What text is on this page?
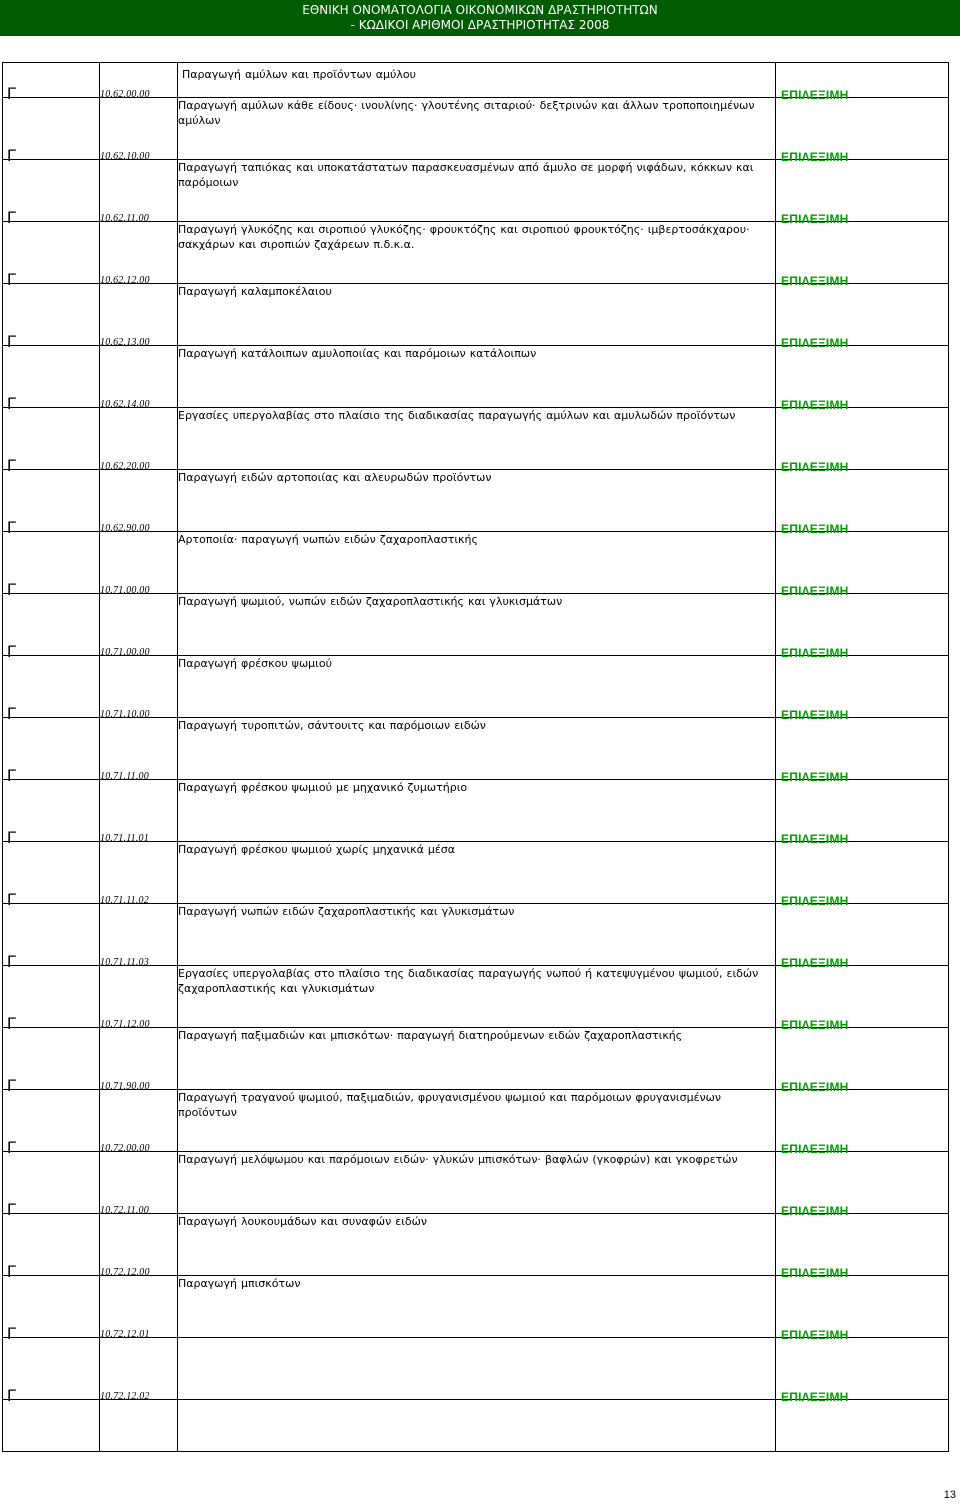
ΕΘΝΙΚΗ ΟΝΟΜΑΤΟΛΟΓΙΑ ΟΙΚΟΝΟΜΙΚΩΝ ΔΡΑΣΤΗΡΙΟΤΗΤΩΝ
- ΚΩΔΙΚΟΙ ΑΡΙΘΜΟΙ ΔΡΑΣΤΗΡΙΟΤΗΤΑΣ 2008
		Παραγωγή αμύλων και προϊόντων αμύλου	

Γ	10.62.00.00	Παραγωγή αμύλων κάθε είδους· ινουλίνης· γλουτένης σιταριού· δεξτρινών και άλλων τροποποιημένων αμύλων	ΕΠΙΛΕΞΙΜΗ

Γ	10.62.10.00	Παραγωγή ταπιόκας και υποκατάστατων παρασκευασμένων από άμυλο σε μορφή νιφάδων, κόκκων και παρόμοιων	ΕΠΙΛΕΞΙΜΗ

Γ	10.62.11.00	Παραγωγή γλυκόζης και σιροπιού γλυκόζης· φρουκτόζης και σιροπιού φρουκτόζης· ιμβερτοσάκχαρου· σακχάρων και σιροπιών ζαχάρεων π.δ.κ.α.	ΕΠΙΛΕΞΙΜΗ

Γ	10.62.12.00	Παραγωγή καλαμποκέλαιου	ΕΠΙΛΕΞΙΜΗ

Γ	10.62.13.00	Παραγωγή κατάλοιπων αμυλοποιίας και παρόμοιων κατάλοιπων	ΕΠΙΛΕΞΙΜΗ

Γ	10.62.14.00	Εργασίες υπεργολαβίας στο πλαίσιο της διαδικασίας παραγωγής αμύλων και αμυλωδών προϊόντων	ΕΠΙΛΕΞΙΜΗ

Γ	10.62.20.00	Παραγωγή ειδών αρτοποιίας και αλευρωδών προϊόντων	ΕΠΙΛΕΞΙΜΗ

Γ	10.62.90.00	Αρτοποιία· παραγωγή νωπών ειδών ζαχαροπλαστικής	ΕΠΙΛΕΞΙΜΗ

Γ	10.71.00.00	Παραγωγή ψωμιού, νωπών ειδών ζαχαροπλαστικής και γλυκισμάτων	ΕΠΙΛΕΞΙΜΗ

Γ	10.71.00.00	Παραγωγή φρέσκου ψωμιού	ΕΠΙΛΕΞΙΜΗ

Γ	10.71.10.00	Παραγωγή τυροπιτών, σάντουιτς και παρόμοιων ειδών	ΕΠΙΛΕΞΙΜΗ

Γ	10.71.11.00	Παραγωγή φρέσκου ψωμιού με μηχανικό ζυμωτήριο	ΕΠΙΛΕΞΙΜΗ

Γ	10.71.11.01	Παραγωγή φρέσκου ψωμιού χωρίς μηχανικά μέσα	ΕΠΙΛΕΞΙΜΗ

Γ	10.71.11.02	Παραγωγή νωπών ειδών ζαχαροπλαστικής και γλυκισμάτων	ΕΠΙΛΕΞΙΜΗ

Γ	10.71.11.03	Εργασίες υπεργολαβίας στο πλαίσιο της διαδικασίας παραγωγής νωπού ή κατεψυγμένου ψωμιού, ειδών ζαχαροπλαστικής και γλυκισμάτων	ΕΠΙΛΕΞΙΜΗ

Γ	10.71.12.00	Παραγωγή παξιμαδιών και μπισκότων· παραγωγή διατηρούμενων ειδών ζαχαροπλαστικής	ΕΠΙΛΕΞΙΜΗ

Γ	10.71.90.00	Παραγωγή τραγανού ψωμιού, παξιμαδιών, φρυγανισμένου ψωμιού και παρόμοιων φρυγανισμένων προϊόντων	ΕΠΙΛΕΞΙΜΗ

Γ	10.72.00.00	Παραγωγή μελόψωμου και παρόμοιων ειδών· γλυκών μπισκότων· βαφλών (γκοφρών) και γκοφρετών	ΕΠΙΛΕΞΙΜΗ

Γ	10.72.11.00	Παραγωγή λουκουμάδων και συναφών ειδών	ΕΠΙΛΕΞΙΜΗ

Γ	10.72.12.00	Παραγωγή μπισκότων	ΕΠΙΛΕΞΙΜΗ

Γ	10.72.12.01		ΕΠΙΛΕΞΙΜΗ

Γ	10.72.12.02		ΕΠΙΛΕΞΙΜΗ
13
